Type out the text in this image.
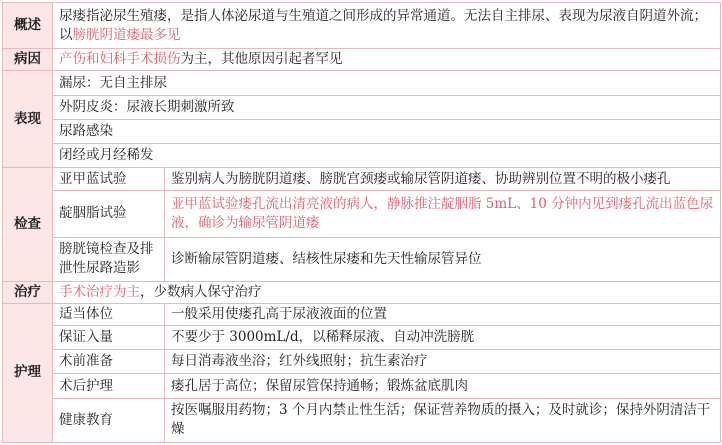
概述	尿瘘指泌尿生殖瘘，是指人体泌尿道与生殖道之间形成的异常通道。无法自主排尿、表现为尿液自阴道外流；以膀胱阴道瘘最多见	
病因	产伤和妇科手术损伤为主，其他原因引起者罕见	
表现	漏尿：无自主排尿	
	外阴皮炎：尿液长期刺激所致	
	尿路感染	
	闭经或月经稀发	
检查	亚甲蓝试验	鉴别病人为膀胱阴道瘘、膀胱宫颈瘘或输尿管阴道瘘、协助辨别位置不明的极小瘘孔
	靛胭脂试验	亚甲蓝试验瘘孔流出清亮液的病人，静脉推注靛胭脂 5mL、10 分钟内见到瘘孔流出蓝色尿液，确诊为输尿管阴道瘘
	膀胱镜检查及排泄性尿路造影	诊断输尿管阴道瘘、结核性尿瘘和先天性输尿管异位
治疗	手术治疗为主，少数病人保守治疗	
护理	适当体位	一般采用使瘘孔高于尿液液面的位置
	保证入量	不要少于 3000mL/d，以稀释尿液、自动冲洗膀胱
	术前准备	每日消毒液坐浴；红外线照射；抗生素治疗
	术后护理	瘘孔居于高位；保留尿管保持通畅；锻炼盆底肌肉
	健康教育	按医嘱服用药物；3 个月内禁止性生活；保证营养物质的摄入；及时就诊；保持外阴清洁干燥
